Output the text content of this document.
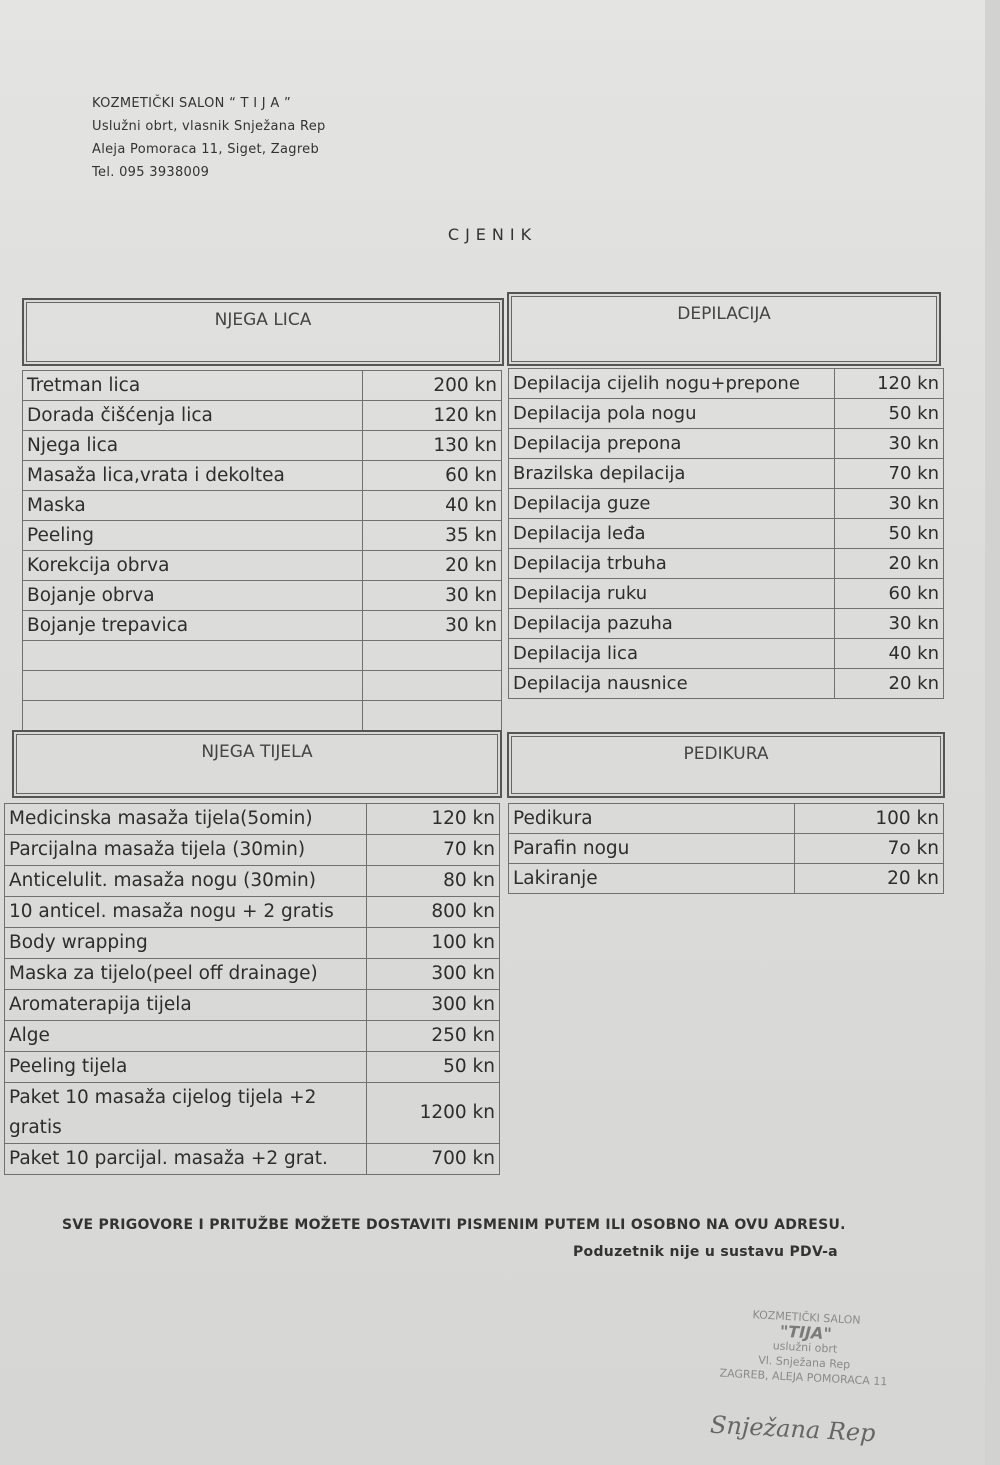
KOZMETIČKI SALON “ T I J A ”
Uslužni obrt, vlasnik Snježana Rep
Aleja Pomoraca 11, Siget, Zagreb
Tel. 095 3938009
CJENIK
NJEGA LICA
Tretman lica	200 kn
Dorada čišćenja lica	120 kn
Njega lica	130 kn
Masaža lica,vrata i dekoltea	60 kn
Maska	40 kn
Peeling	35 kn
Korekcija obrva	20 kn
Bojanje obrva	30 kn
Bojanje trepavica	30 kn

DEPILACIJA
Depilacija cijelih nogu+prepone	120 kn
Depilacija pola nogu	50 kn
Depilacija prepona	30 kn
Brazilska depilacija	70 kn
Depilacija guze	30 kn
Depilacija leđa	50 kn
Depilacija trbuha	20 kn
Depilacija ruku	60 kn
Depilacija pazuha	30 kn
Depilacija lica	40 kn
Depilacija nausnice	20 kn
NJEGA TIJELA
Medicinska masaža tijela(5omin)	120 kn
Parcijalna masaža tijela (30min)	70 kn
Anticelulit. masaža nogu (30min)	80 kn
10 anticel. masaža nogu + 2 gratis	800 kn
Body wrapping	100 kn
Maska za tijelo(peel off drainage)	300 kn
Aromaterapija tijela	300 kn
Alge	250 kn
Peeling tijela	50 kn
Paket 10 masaža cijelog tijela +2 gratis	1200 kn
Paket 10 parcijal. masaža +2 grat.	700 kn
PEDIKURA
Pedikura	100 kn
Parafin nogu	7o kn
Lakiranje	20 kn
SVE PRIGOVORE I PRITUŽBE MOŽETE DOSTAVITI PISMENIM PUTEM ILI OSOBNO NA OVU ADRESU.
Poduzetnik nije u sustavu PDV-a
KOZMETIČKI SALON
"TIJA"
uslužni obrt
Vl. Snježana Rep
ZAGREB, ALEJA POMORACA 11
Snježana Rep
